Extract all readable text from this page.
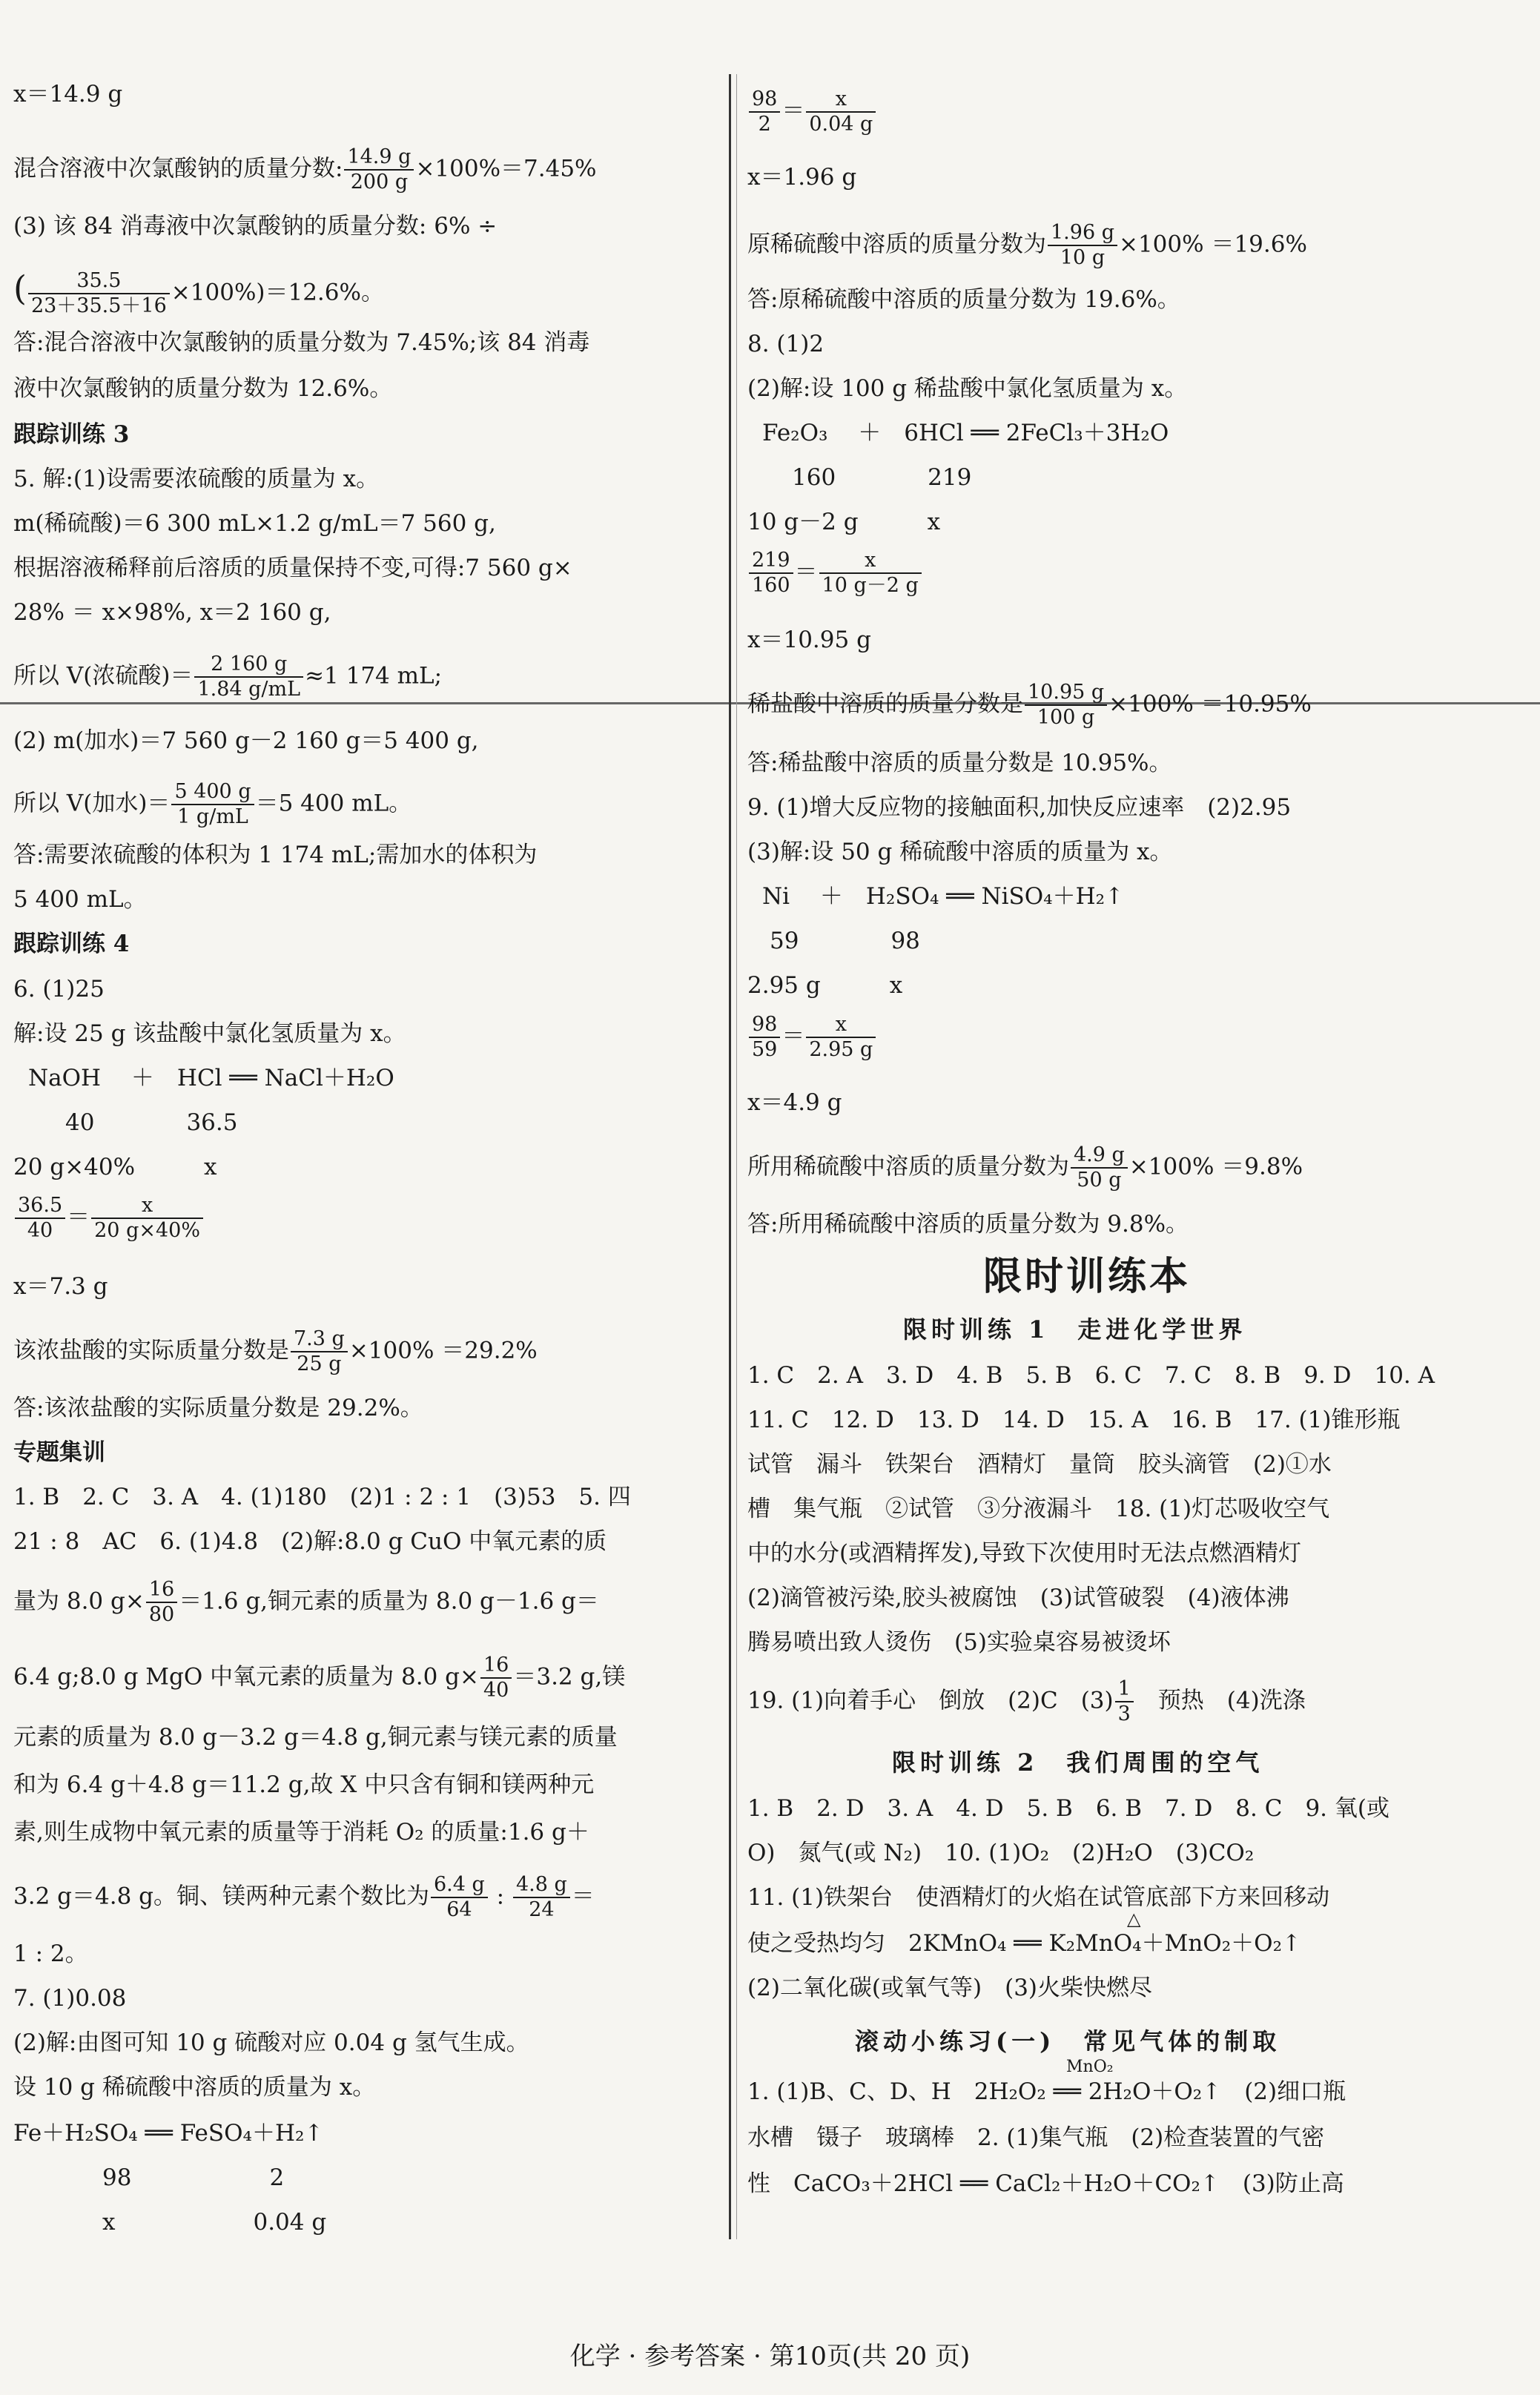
x＝14.9 g
混合溶液中次氯酸钠的质量分数: $\frac{14.9 g}{200 g} \times 100\%=7.45\%$
(3) 该 84 消毒液中次氯酸钠的质量分数: 6% ÷
( $\frac{35.5}{23+35.5+16} \times 100\%)=12.6\%$。
答:混合溶液中次氯酸钠的质量分数为 7.45%;该 84 消毒
液中次氯酸钠的质量分数为 12.6%。
跟踪训练 3
5. 解:(1)设需要浓硫酸的质量为 x。
m(稀硫酸)＝6 300 mL×1.2 g/mL＝7 560 g,
根据溶液稀释前后溶质的质量保持不变,可得:7 560 g×
28% ＝ x×98%, x＝2 160 g,
所以 V(浓硫酸)＝ $\frac{2 160 g}{1.84 g/mL} \approx 1$ 174 mL;
(2) m(加水)＝7 560 g－2 160 g＝5 400 g,
所以 V(加水)＝ $\frac{5 400 g}{1 g/mL} =5$ 400 mL。
答:需要浓硫酸的体积为 1 174 mL;需加水的体积为
5 400 mL。
跟踪训练 4
6. (1)25
解:设 25 g 该盐酸中氯化氢质量为 x。
NaOH　 ＋　HCl ══ NaCl＋H₂O
40　　　　36.5
20 g×40%　　　x
$\frac{36.5}{40} = \frac{x}{20 g\times 40\%}$
x＝7.3 g
该浓盐酸的实际质量分数是 $\frac{7.3 g}{25 g} \times 100\% =29.2\%$
答:该浓盐酸的实际质量分数是 29.2%。
专题集训
1. B　2. C　3. A　4. (1)180　(2)1 : 2 : 1　(3)53　5. 四
21 : 8　AC　6. (1)4.8　(2)解:8.0 g CuO 中氧元素的质
量为 8.0 $g\times \frac{16}{80} =1.6$ g,铜元素的质量为 8.0 g－1.6 g＝
6.4 g;8.0 g MgO 中氧元素的质量为 8.0 $g\times \frac{16}{40} =3.2$ g,镁
元素的质量为 8.0 g－3.2 g＝4.8 g,铜元素与镁元素的质量
和为 6.4 g＋4.8 g＝11.2 g,故 X 中只含有铜和镁两种元
素,则生成物中氧元素的质量等于消耗 O₂ 的质量:1.6 g＋
3.2 g＝4.8 g。铜、镁两种元素个数比为 $\frac{6.4 g}{64}$ : $\frac{4.8 g}{24}$ ＝
1 : 2。
7. (1)0.08
(2)解:由图可知 10 g 硫酸对应 0.04 g 氢气生成。
设 10 g 稀硫酸中溶质的质量为 x。
Fe＋H₂SO₄ ══ FeSO₄＋H₂↑
98　　　　　　2
x　　　　　　0.04 g
$\frac{98}{2} = \frac{x}{0.04 g}$
x＝1.96 g
原稀硫酸中溶质的质量分数为 $\frac{1.96 g}{10 g} \times 100\% =19.6\%$
答:原稀硫酸中溶质的质量分数为 19.6%。
8. (1)2
(2)解:设 100 g 稀盐酸中氯化氢质量为 x。
Fe₂O₃　 ＋　6HCl ══ 2FeCl₃＋3H₂O
160　　　　219
10 g－2 g　　　x
$\frac{219}{160} = \frac{x}{10 g-2 g}$
x＝10.95 g
稀盐酸中溶质的质量分数是 $\frac{10.95 g}{100 g} \times 100\% =10.95\%$
答:稀盐酸中溶质的质量分数是 10.95%。
9. (1)增大反应物的接触面积,加快反应速率　(2)2.95
(3)解:设 50 g 稀硫酸中溶质的质量为 x。
Ni　 ＋　H₂SO₄ ══ NiSO₄＋H₂↑
59　　　　98
2.95 g　　　x
$\frac{98}{59} = \frac{x}{2.95 g}$
x＝4.9 g
所用稀硫酸中溶质的质量分数为 $\frac{4.9 g}{50 g} \times 100\% =9.8\%$
答:所用稀硫酸中溶质的质量分数为 9.8%。
限时训练本
限时训练 1　走进化学世界
1. C　2. A　3. D　4. B　5. B　6. C　7. C　8. B　9. D　10. A
11. C　12. D　13. D　14. D　15. A　16. B　17. (1)锥形瓶
试管　漏斗　铁架台　酒精灯　量筒　胶头滴管　(2)①水
槽　集气瓶　②试管　③分液漏斗　18. (1)灯芯吸收空气
中的水分(或酒精挥发),导致下次使用时无法点燃酒精灯
(2)滴管被污染,胶头被腐蚀　(3)试管破裂　(4)液体沸
腾易喷出致人烫伤　(5)实验桌容易被烫坏
19. (1)向着手心　倒放　(2)C　$(3) \frac{1}{3}$
　 预热　(4)洗涤
限时训练 2　我们周围的空气
1. B　2. D　3. A　4. D　5. B　6. B　7. D　8. C　9. 氧(或
O)　氮气(或 N₂)　10. (1)O₂　(2)H₂O　(3)CO₂
11. (1)铁架台　使酒精灯的火焰在试管底部下方来回移动
△
使之受热均匀　2KMnO₄ ══ K₂MnO₄＋MnO₂＋O₂↑
(2)二氧化碳(或氧气等)　(3)火柴快燃尽
滚动小练习(一)　常见气体的制取
MnO₂
1. (1)B、C、D、H　2H₂O₂ ══ 2H₂O＋O₂↑　(2)细口瓶
水槽　镊子　玻璃棒　2. (1)集气瓶　(2)检查装置的气密
性　CaCO₃＋2HCl ══ CaCl₂＋H₂O＋CO₂↑　(3)防止高
化学 · 参考答案 · 第10页(共 20 页)
